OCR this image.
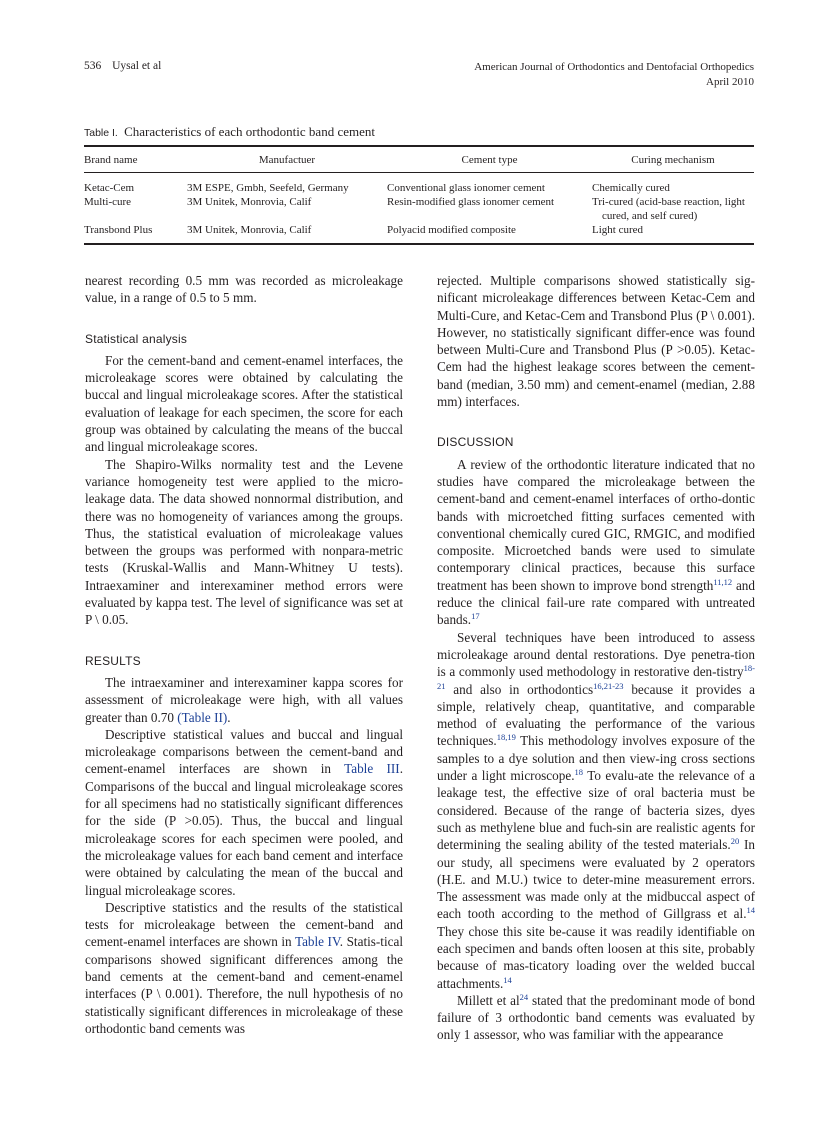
536 Uysal et al	American Journal of Orthodontics and Dentofacial Orthopedics
April 2010
Table I. Characteristics of each orthodontic band cement
Brand name	Manufactuer	Cement type	Curing mechanism
Ketac-Cem	3M ESPE, Gmbh, Seefeld, Germany	Conventional glass ionomer cement	Chemically cured
Multi-cure	3M Unitek, Monrovia, Calif	Resin-modified glass ionomer cement	Tri-cured (acid-base reaction, light
cured, and self cured)

Transbond Plus	3M Unitek, Monrovia, Calif	Polyacid modified composite	Light cured

nearest recording 0.5 mm was recorded as microleakage value, in a range of 0.5 to 5 mm.

Statistical analysis

For the cement-band and cement-enamel interfaces, the microleakage scores were obtained by calculating the buccal and lingual microleakage scores. After the statistical evaluation of leakage for each specimen, the score for each group was obtained by calculating the means of the buccal and lingual microleakage scores.

The Shapiro-Wilks normality test and the Levene variance homogeneity test were applied to the micro-leakage data. The data showed nonnormal distribution, and there was no homogeneity of variances among the groups. Thus, the statistical evaluation of microleakage values between the groups was performed with nonpara-metric tests (Kruskal-Wallis and Mann-Whitney U tests). Intraexaminer and interexaminer method errors were evaluated by kappa test. The level of significance was set at P \ 0.05.

RESULTS

The intraexaminer and interexaminer kappa scores for assessment of microleakage were high, with all values greater than 0.70 (Table II).

Descriptive statistical values and buccal and lingual microleakage comparisons between the cement-band and cement-enamel interfaces are shown in Table III. Comparisons of the buccal and lingual microleakage scores for all specimens had no statistically significant differences for the side (P >0.05). Thus, the buccal and lingual microleakage scores for each specimen were pooled, and the microleakage values for each band cement and interface were obtained by calculating the mean of the buccal and lingual microleakage scores.

Descriptive statistics and the results of the statistical tests for microleakage between the cement-band and cement-enamel interfaces are shown in Table IV. Statis-tical comparisons showed significant differences among the band cements at the cement-band and cement-enamel interfaces (P \ 0.001). Therefore, the null hypothesis of no statistically significant differences in microleakage of these orthodontic band cements was

rejected. Multiple comparisons showed statistically sig-nificant microleakage differences between Ketac-Cem and Multi-Cure, and Ketac-Cem and Transbond Plus (P \ 0.001). However, no statistically significant differ-ence was found between Multi-Cure and Transbond Plus (P >0.05). Ketac-Cem had the highest leakage scores between the cement-band (median, 3.50 mm) and cement-enamel (median, 2.88 mm) interfaces.

DISCUSSION

A review of the orthodontic literature indicated that no studies have compared the microleakage between the cement-band and cement-enamel interfaces of ortho-dontic bands with microetched fitting surfaces cemented with conventional chemically cured GIC, RMGIC, and modified composite. Microetched bands were used to simulate contemporary clinical practices, because this surface treatment has been shown to improve bond strength$^{11,12}$ and reduce the clinical fail-ure rate compared with untreated bands.$^{17}$

Several techniques have been introduced to assess microleakage around dental restorations. Dye penetra-tion is a commonly used methodology in restorative den-tistry$^{18-21}$ and also in orthodontics$^{16,21-23}$ because it provides a simple, relatively cheap, quantitative, and comparable method of evaluating the performance of the various techniques.$^{18,19}$ This methodology involves exposure of the samples to a dye solution and then view-ing cross sections under a light microscope.$^{18}$ To evalu-ate the relevance of a leakage test, the effective size of oral bacteria must be considered. Because of the range of bacteria sizes, dyes such as methylene blue and fuch-sin are realistic agents for determining the sealing ability of the tested materials.$^{20}$ In our study, all specimens were evaluated by 2 operators (H.E. and M.U.) twice to deter-mine measurement errors. The assessment was made only at the midbuccal aspect of each tooth according to the method of Gillgrass et al.$^{14}$ They chose this site be-cause it was readily identifiable on each specimen and bands often loosen at this site, probably because of mas-ticatory loading over the welded buccal attachments.$^{14}$

Millett et $al^{24}$ stated that the predominant mode of bond failure of 3 orthodontic band cements was evaluated by only 1 assessor, who was familiar with the appearance
